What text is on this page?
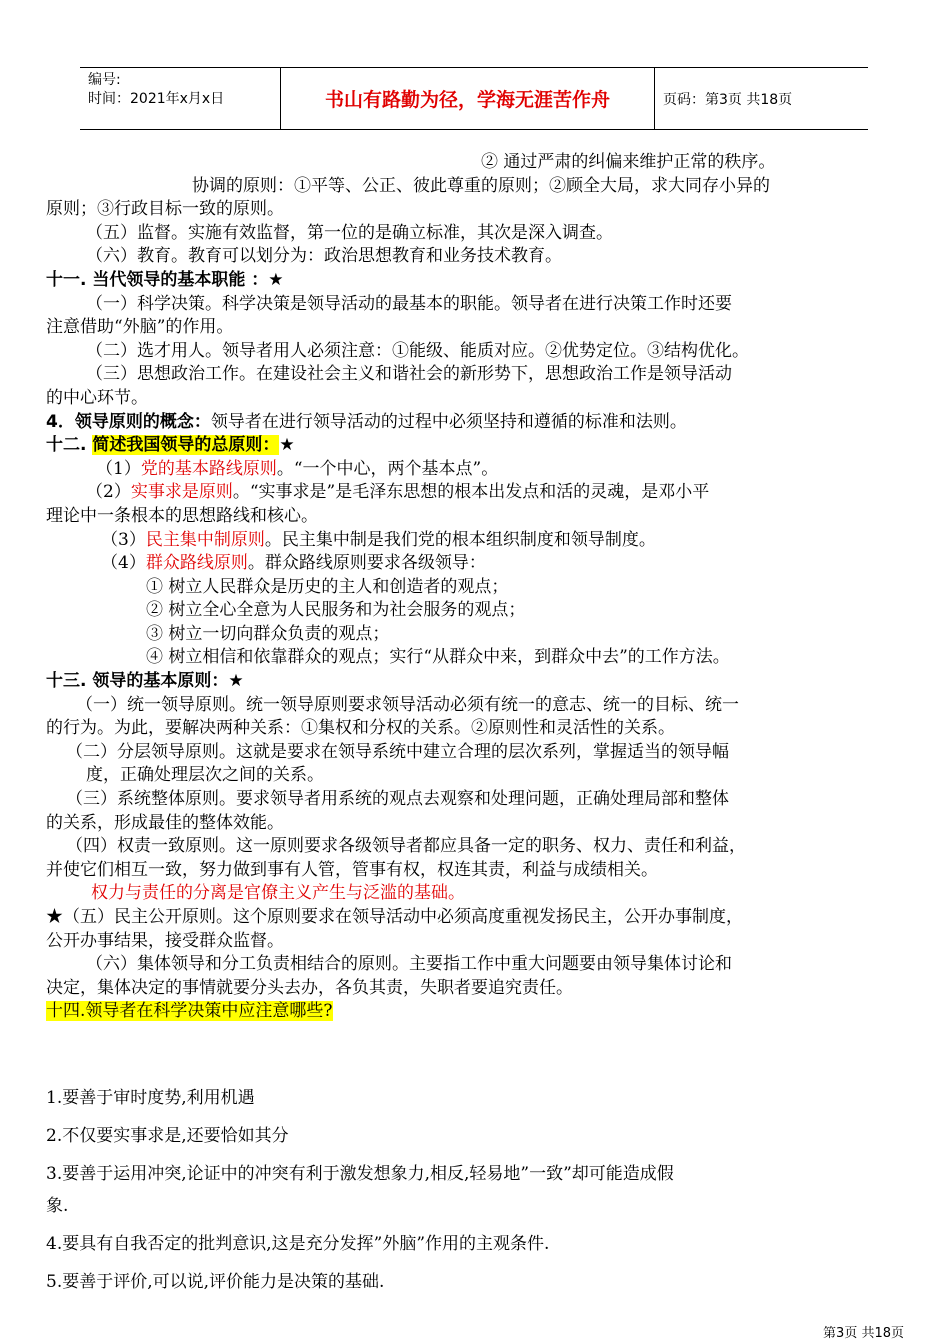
编号:
时间：2021年x月x日	书山有路勤为径，学海无涯苦作舟	页码：第3页 共18页

② 通过严肃的纠偏来维护正常的秩序。

协调的原则：①平等、公正、彼此尊重的原则；②顾全大局，求大同存小异的

原则；③行政目标一致的原则。

（五）监督。实施有效监督，第一位的是确立标准，其次是深入调查。

（六）教育。教育可以划分为：政治思想教育和业务技术教育。

十一. 当代领导的基本职能 ：★

（一）科学决策。科学决策是领导活动的最基本的职能。领导者在进行决策工作时还要

注意借助“外脑”的作用。

（二）选才用人。领导者用人必须注意：①能级、能质对应。②优势定位。③结构优化。

（三）思想政治工作。在建设社会主义和谐社会的新形势下，思想政治工作是领导活动

的中心环节。

4．领导原则的概念：领导者在进行领导活动的过程中必须坚持和遵循的标准和法则。

十二. 简述我国领导的总原则：★

（1）党的基本路线原则。“一个中心，两个基本点”。

（2）实事求是原则。“实事求是”是毛泽东思想的根本出发点和活的灵魂，是邓小平

理论中一条根本的思想路线和核心。

（3）民主集中制原则。民主集中制是我们党的根本组织制度和领导制度。

（4）群众路线原则。群众路线原则要求各级领导：

① 树立人民群众是历史的主人和创造者的观点；

② 树立全心全意为人民服务和为社会服务的观点；

③ 树立一切向群众负责的观点；

④ 树立相信和依靠群众的观点；实行“从群众中来，到群众中去”的工作方法。

十三. 领导的基本原则：★

（一）统一领导原则。统一领导原则要求领导活动必须有统一的意志、统一的目标、统一

的行为。为此，要解决两种关系：①集权和分权的关系。②原则性和灵活性的关系。

（二）分层领导原则。这就是要求在领导系统中建立合理的层次系列，掌握适当的领导幅

度，正确处理层次之间的关系。

（三）系统整体原则。要求领导者用系统的观点去观察和处理问题，正确处理局部和整体

的关系，形成最佳的整体效能。

（四）权责一致原则。这一原则要求各级领导者都应具备一定的职务、权力、责任和利益，

并使它们相互一致，努力做到事有人管，管事有权，权连其责，利益与成绩相关。

权力与责任的分离是官僚主义产生与泛滥的基础。

★（五）民主公开原则。这个原则要求在领导活动中必须高度重视发扬民主，公开办事制度，

公开办事结果，接受群众监督。

（六）集体领导和分工负责相结合的原则。主要指工作中重大问题要由领导集体讨论和

决定，集体决定的事情就要分头去办，各负其责，失职者要追究责任。

十四.领导者在科学决策中应注意哪些?

1.要善于审时度势,利用机遇

2.不仅要实事求是,还要恰如其分

3.要善于运用冲突,论证中的冲突有利于激发想象力,相反,轻易地”一致”却可能造成假

象.

4.要具有自我否定的批判意识,这是充分发挥”外脑”作用的主观条件.

5.要善于评价,可以说,评价能力是决策的基础.

第3页 共18页
